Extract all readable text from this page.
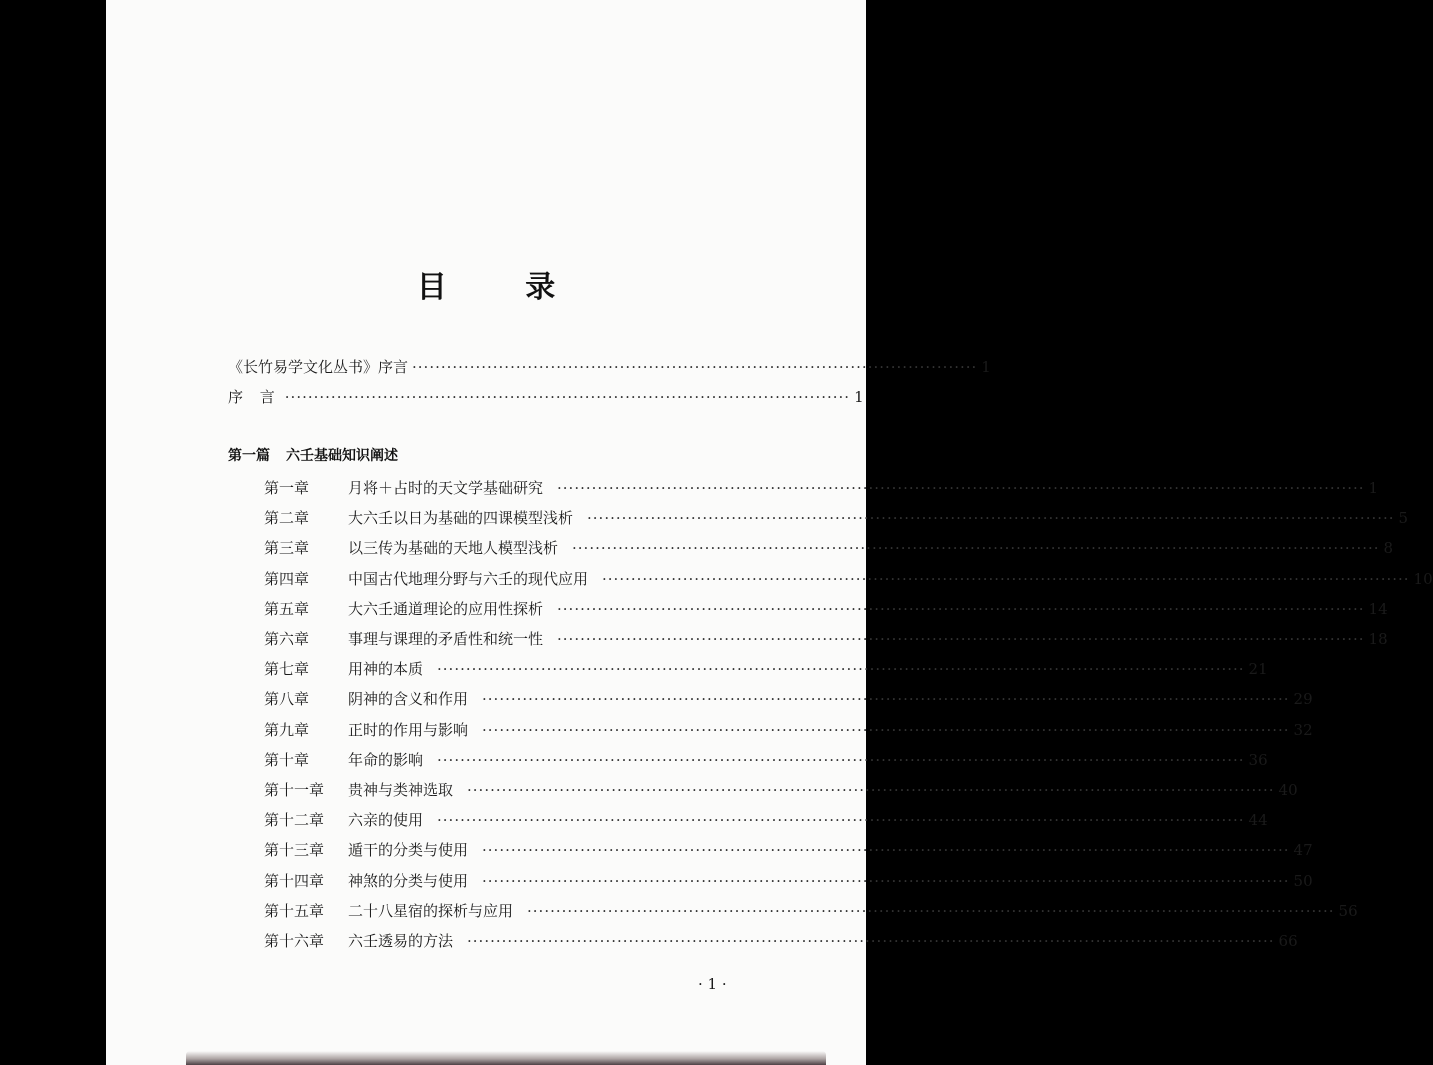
目 录
《长竹易学文化丛书》序言 ·································································································· 1
序 言 ·································································································· 1
第一篇 六壬基础知识阐述
第一章	月将＋占时的天文学基础研究 ············································································································································ 1
第二章	大六壬以日为基础的四课模型浅析 ············································································································································ 5
第三章	以三传为基础的天地人模型浅析 ············································································································································ 8
第四章	中国古代地理分野与六壬的现代应用 ············································································································································ 10
第五章	大六壬通道理论的应用性探析 ············································································································································ 14
第六章	事理与课理的矛盾性和统一性 ············································································································································ 18
第七章	用神的本质 ············································································································································ 21
第八章	阴神的含义和作用 ············································································································································ 29
第九章	正时的作用与影响 ············································································································································ 32
第十章	年命的影响 ············································································································································ 36
第十一章	贵神与类神选取 ············································································································································ 40
第十二章	六亲的使用 ············································································································································ 44
第十三章	遁干的分类与使用 ············································································································································ 47
第十四章	神煞的分类与使用 ············································································································································ 50
第十五章	二十八星宿的探析与应用 ············································································································································ 56
第十六章	六壬透易的方法 ············································································································································ 66
· 1 ·
